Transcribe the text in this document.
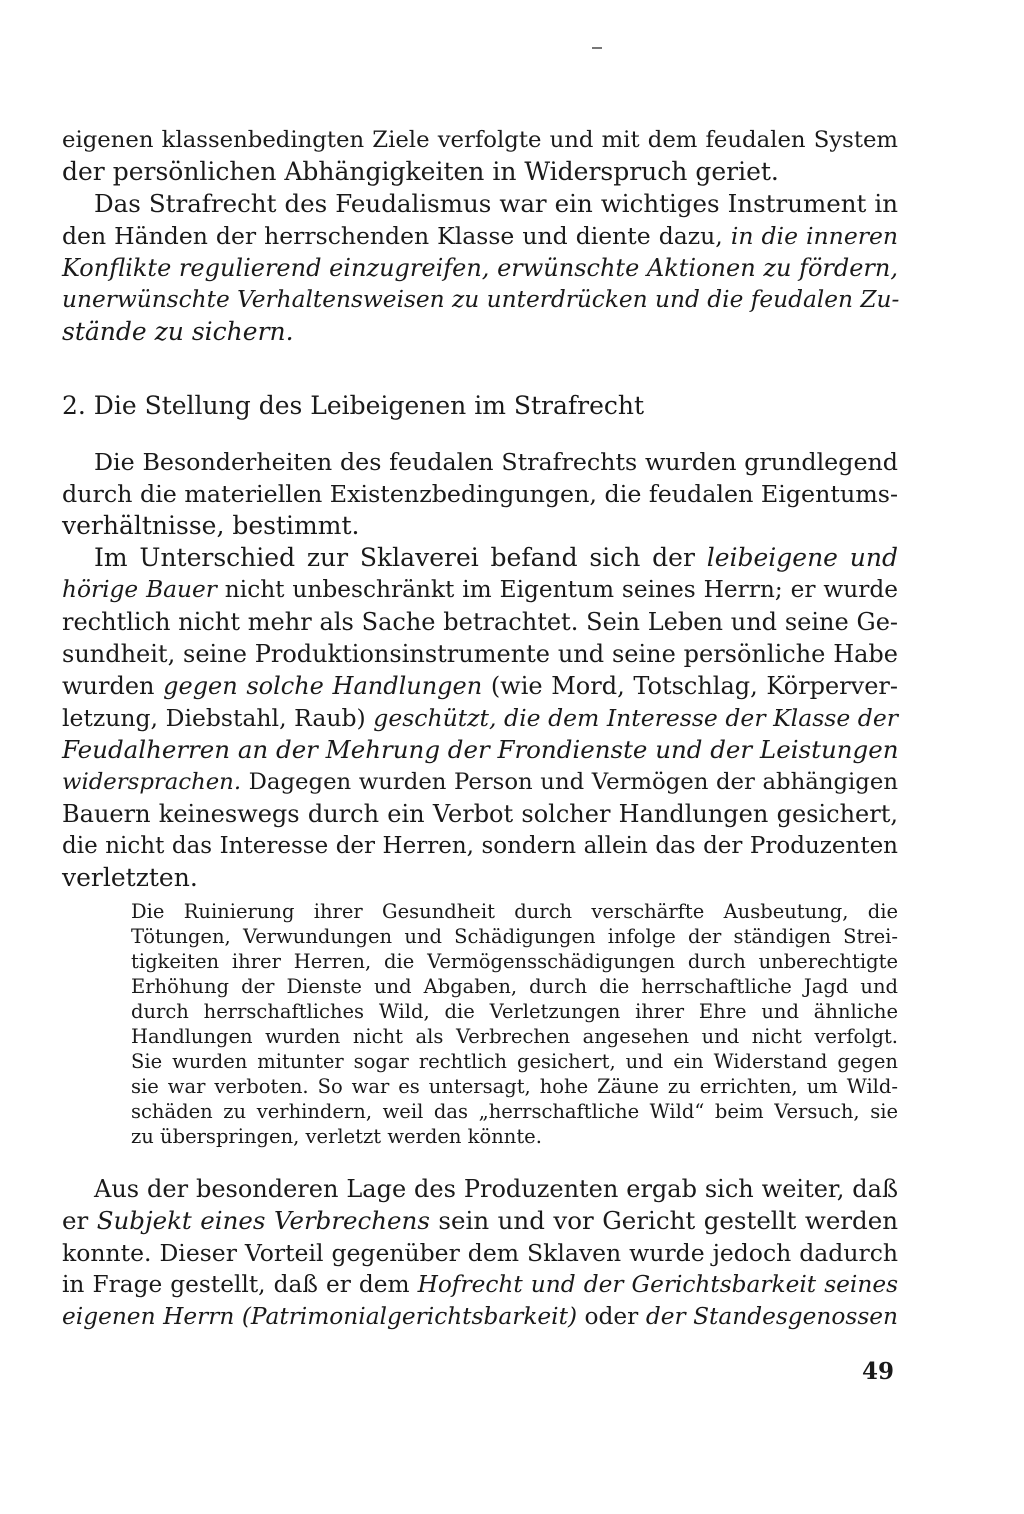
eigenen klassenbedingten Ziele verfolgte und mit dem feudalen System
der persönlichen Abhängigkeiten in Widerspruch geriet.
Das Strafrecht des Feudalismus war ein wichtiges Instrument in
den Händen der herrschenden Klasse und diente dazu, in die inneren
Konflikte regulierend einzugreifen, erwünschte Aktionen zu fördern,
unerwünschte Verhaltensweisen zu unterdrücken und die feudalen Zu-
stände zu sichern.
2. Die Stellung des Leibeigenen im Strafrecht
Die Besonderheiten des feudalen Strafrechts wurden grundlegend
durch die materiellen Existenzbedingungen, die feudalen Eigentums-
verhältnisse, bestimmt.
Im Unterschied zur Sklaverei befand sich der leibeigene und
hörige Bauer nicht unbeschränkt im Eigentum seines Herrn; er wurde
rechtlich nicht mehr als Sache betrachtet. Sein Leben und seine Ge-
sundheit, seine Produktionsinstrumente und seine persönliche Habe
wurden gegen solche Handlungen (wie Mord, Totschlag, Körperver-
letzung, Diebstahl, Raub) geschützt, die dem Interesse der Klasse der
Feudalherren an der Mehrung der Frondienste und der Leistungen
widersprachen. Dagegen wurden Person und Vermögen der abhängigen
Bauern keineswegs durch ein Verbot solcher Handlungen gesichert,
die nicht das Interesse der Herren, sondern allein das der Produzenten
verletzten.
Die Ruinierung ihrer Gesundheit durch verschärfte Ausbeutung, die
Tötungen, Verwundungen und Schädigungen infolge der ständigen Strei-
tigkeiten ihrer Herren, die Vermögensschädigungen durch unberechtigte
Erhöhung der Dienste und Abgaben, durch die herrschaftliche Jagd und
durch herrschaftliches Wild, die Verletzungen ihrer Ehre und ähnliche
Handlungen wurden nicht als Verbrechen angesehen und nicht verfolgt.
Sie wurden mitunter sogar rechtlich gesichert, und ein Widerstand gegen
sie war verboten. So war es untersagt, hohe Zäune zu errichten, um Wild-
schäden zu verhindern, weil das „herrschaftliche Wild“ beim Versuch, sie
zu überspringen, verletzt werden könnte.
Aus der besonderen Lage des Produzenten ergab sich weiter, daß
er Subjekt eines Verbrechens sein und vor Gericht gestellt werden
konnte. Dieser Vorteil gegenüber dem Sklaven wurde jedoch dadurch
in Frage gestellt, daß er dem Hofrecht und der Gerichtsbarkeit seines
eigenen Herrn (Patrimonialgerichtsbarkeit) oder der Standesgenossen
49
